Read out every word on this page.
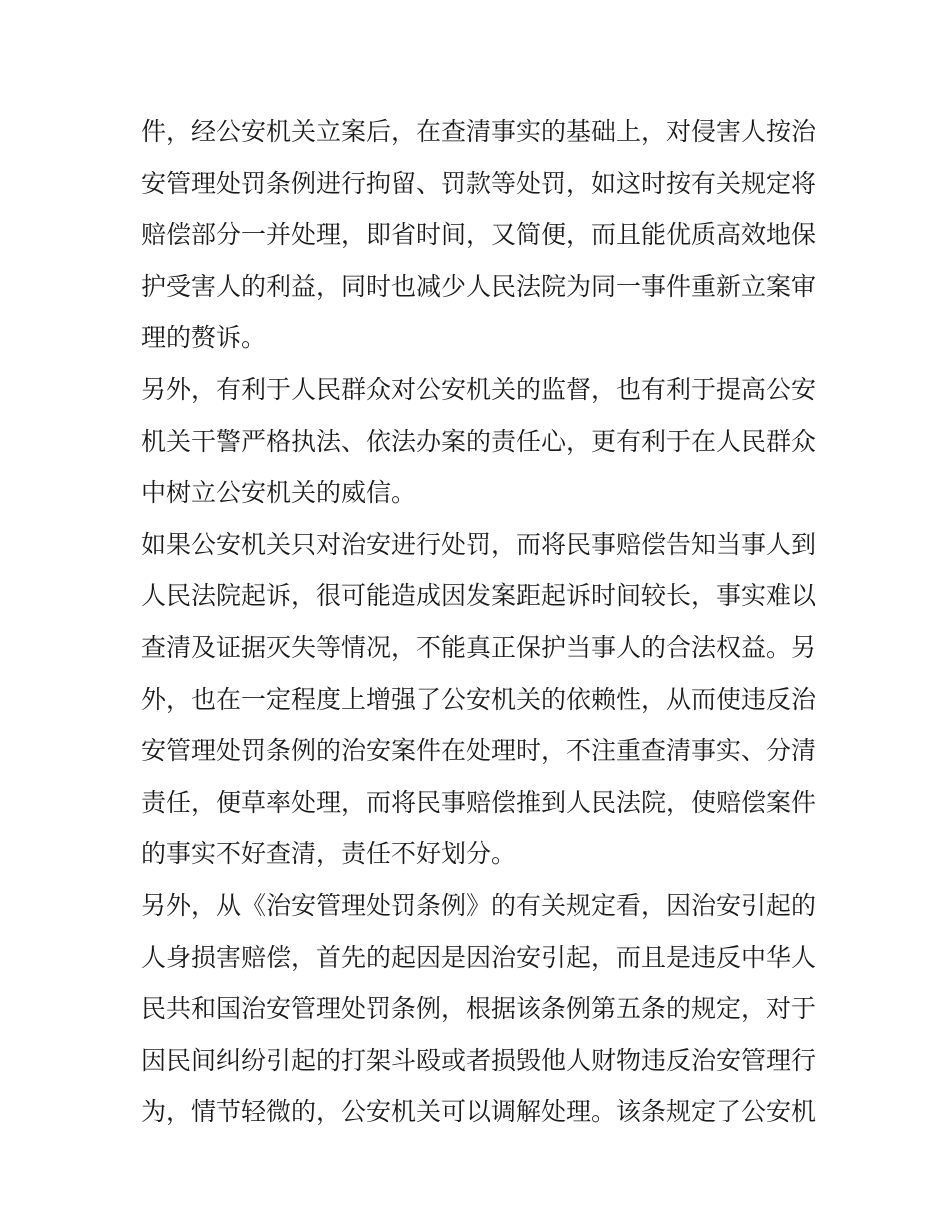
件，经公安机关立案后，在查清事实的基础上，对侵害人按治
安管理处罚条例进行拘留、罚款等处罚，如这时按有关规定将
赔偿部分一并处理，即省时间，又简便，而且能优质高效地保
护受害人的利益，同时也减少人民法院为同一事件重新立案审
理的赘诉。
另外，有利于人民群众对公安机关的监督，也有利于提高公安
机关干警严格执法、依法办案的责任心，更有利于在人民群众
中树立公安机关的威信。
如果公安机关只对治安进行处罚，而将民事赔偿告知当事人到
人民法院起诉，很可能造成因发案距起诉时间较长，事实难以
查清及证据灭失等情况，不能真正保护当事人的合法权益。另
外，也在一定程度上增强了公安机关的依赖性，从而使违反治
安管理处罚条例的治安案件在处理时，不注重查清事实、分清
责任，便草率处理，而将民事赔偿推到人民法院，使赔偿案件
的事实不好查清，责任不好划分。
另外，从《治安管理处罚条例》的有关规定看，因治安引起的
人身损害赔偿，首先的起因是因治安引起，而且是违反中华人
民共和国治安管理处罚条例，根据该条例第五条的规定，对于
因民间纠纷引起的打架斗殴或者损毁他人财物违反治安管理行
为，情节轻微的，公安机关可以调解处理。该条规定了公安机
